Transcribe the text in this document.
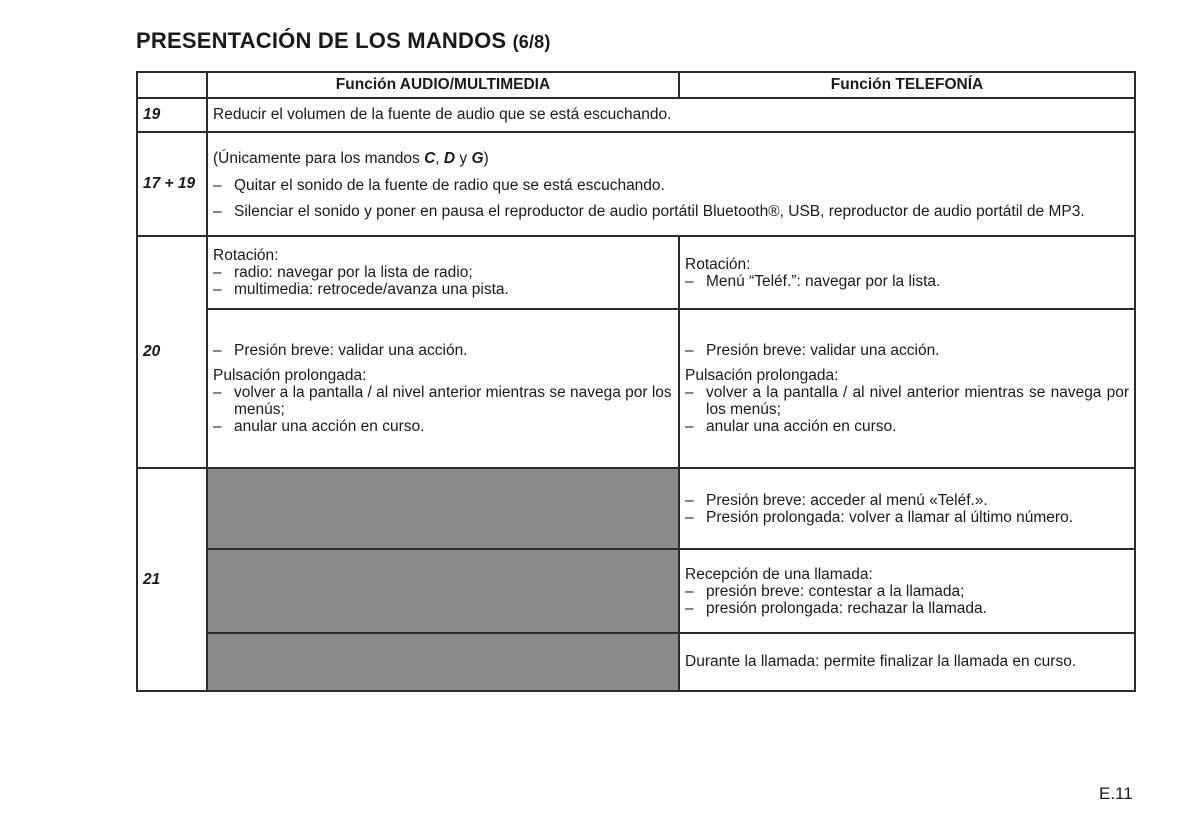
PRESENTACIÓN DE LOS MANDOS (6/8)
	Función AUDIO/MULTIMEDIA	Función TELEFONÍA
19	Reducir el volumen de la fuente de audio que se está escuchando.	
17 + 19	(Únicamente para los mandos C, D y G)
– Quitar el sonido de la fuente de radio que se está escuchando.
– Silenciar el sonido y poner en pausa el reproductor de audio portátil Bluetooth®, USB, reproductor de audio portátil de MP3.	

20	Rotación:
– radio: navegar por la lista de radio;
– multimedia: retrocede/avanza una pista.	Rotación:
– Menú “Teléf.”: navegar por la lista.

	– Presión breve: validar una acción.
Pulsación prolongada:
– volver a la pantalla / al nivel anterior mientras se navega por los menús;
– anular una acción en curso.	– Presión breve: validar una acción.
Pulsación prolongada:
– volver a la pantalla / al nivel anterior mientras se navega por los menús;
– anular una acción en curso.

21		– Presión breve: acceder al menú «Teléf.».
– Presión prolongada: volver a llamar al último número.

		Recepción de una llamada:
– presión breve: contestar a la llamada;
– presión prolongada: rechazar la llamada.

		Durante la llamada: permite finalizar la llamada en curso.
E.11
